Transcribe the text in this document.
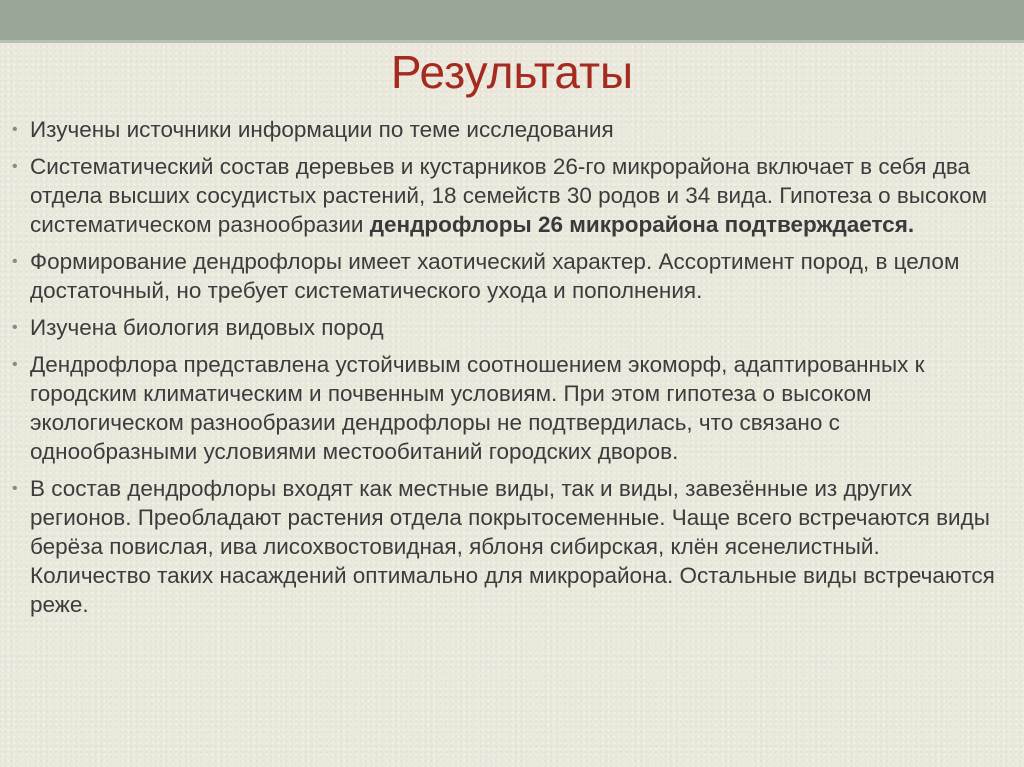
Результаты
• Изучены источники информации по теме исследования
• Систематический состав деревьев и кустарников 26-го микрорайона включает в себя два отдела высших сосудистых растений, 18 семейств 30 родов и 34 вида. Гипотеза о высоком систематическом разнообразии дендрофлоры 26 микрорайона подтверждается.
• Формирование дендрофлоры имеет хаотический характер. Ассортимент пород, в целом достаточный, но требует систематического ухода и пополнения.
• Изучена биология видовых пород
• Дендрофлора представлена устойчивым соотношением экоморф, адаптированных к городским климатическим и почвенным условиям. При этом гипотеза о высоком экологическом разнообразии дендрофлоры не подтвердилась, что связано с однообразными условиями местообитаний городских дворов.
• В состав дендрофлоры входят как местные виды, так и виды, завезённые из других регионов. Преобладают растения отдела покрытосеменные. Чаще всего встречаются виды берёза повислая, ива лисохвостовидная, яблоня сибирская, клён ясенелистный. Количество таких насаждений оптимально для микрорайона. Остальные виды встречаются реже.
